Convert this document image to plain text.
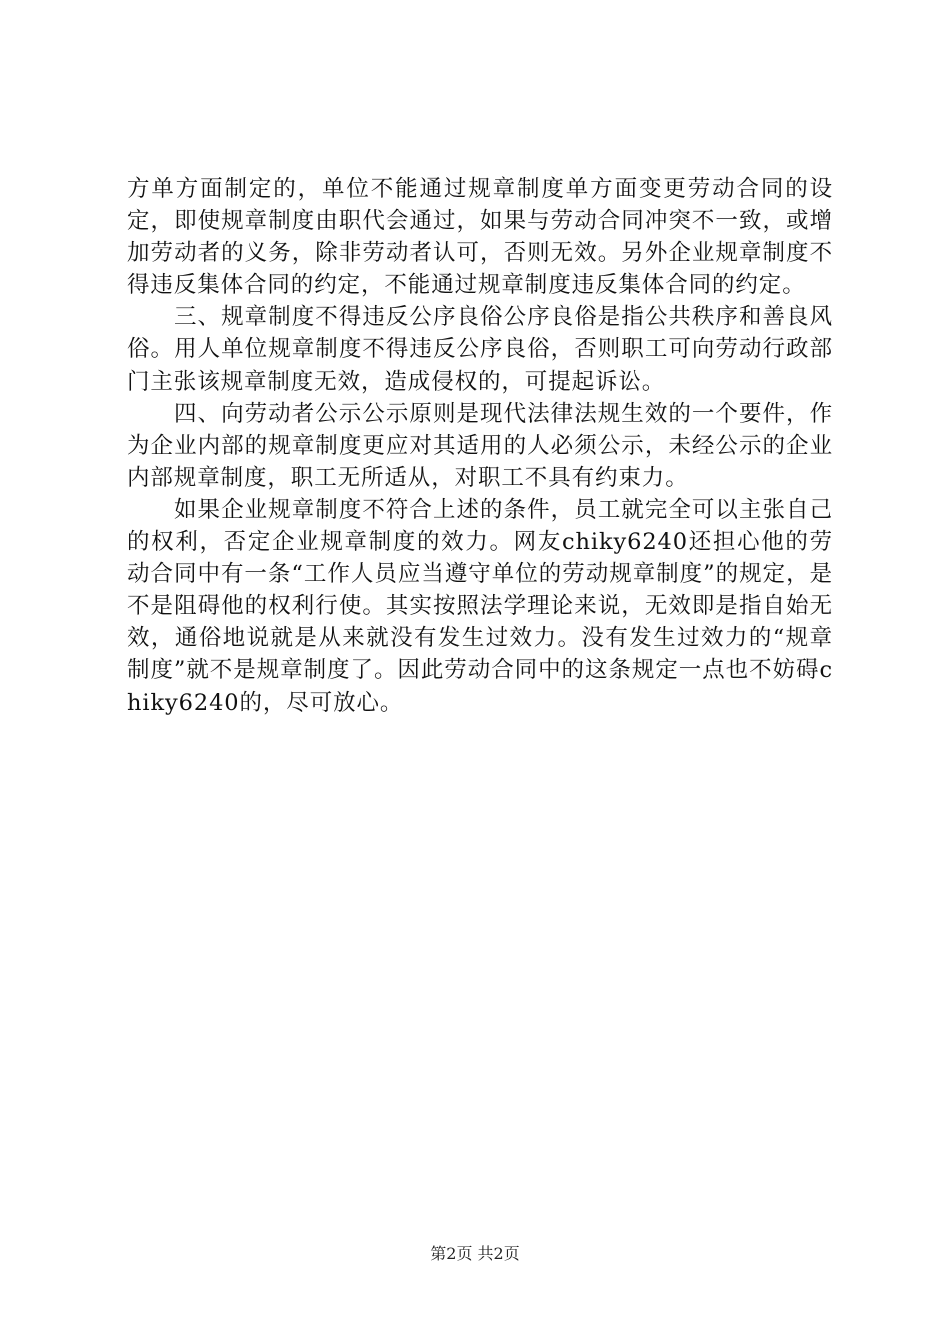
方单方面制定的，单位不能通过规章制度单方面变更劳动合同的设定，即使规章制度由职代会通过，如果与劳动合同冲突不一致，或增加劳动者的义务，除非劳动者认可，否则无效。另外企业规章制度不得违反集体合同的约定，不能通过规章制度违反集体合同的约定。

三、规章制度不得违反公序良俗公序良俗是指公共秩序和善良风俗。用人单位规章制度不得违反公序良俗，否则职工可向劳动行政部门主张该规章制度无效，造成侵权的，可提起诉讼。

四、向劳动者公示公示原则是现代法律法规生效的一个要件，作为企业内部的规章制度更应对其适用的人必须公示，未经公示的企业内部规章制度，职工无所适从，对职工不具有约束力。

如果企业规章制度不符合上述的条件，员工就完全可以主张自己的权利，否定企业规章制度的效力。网友chiky6240还担心他的劳动合同中有一条“工作人员应当遵守单位的劳动规章制度”的规定，是不是阻碍他的权利行使。其实按照法学理论来说，无效即是指自始无效，通俗地说就是从来就没有发生过效力。没有发生过效力的“规章制度”就不是规章制度了。因此劳动合同中的这条规定一点也不妨碍chiky6240的，尽可放心。

第2页 共2页
